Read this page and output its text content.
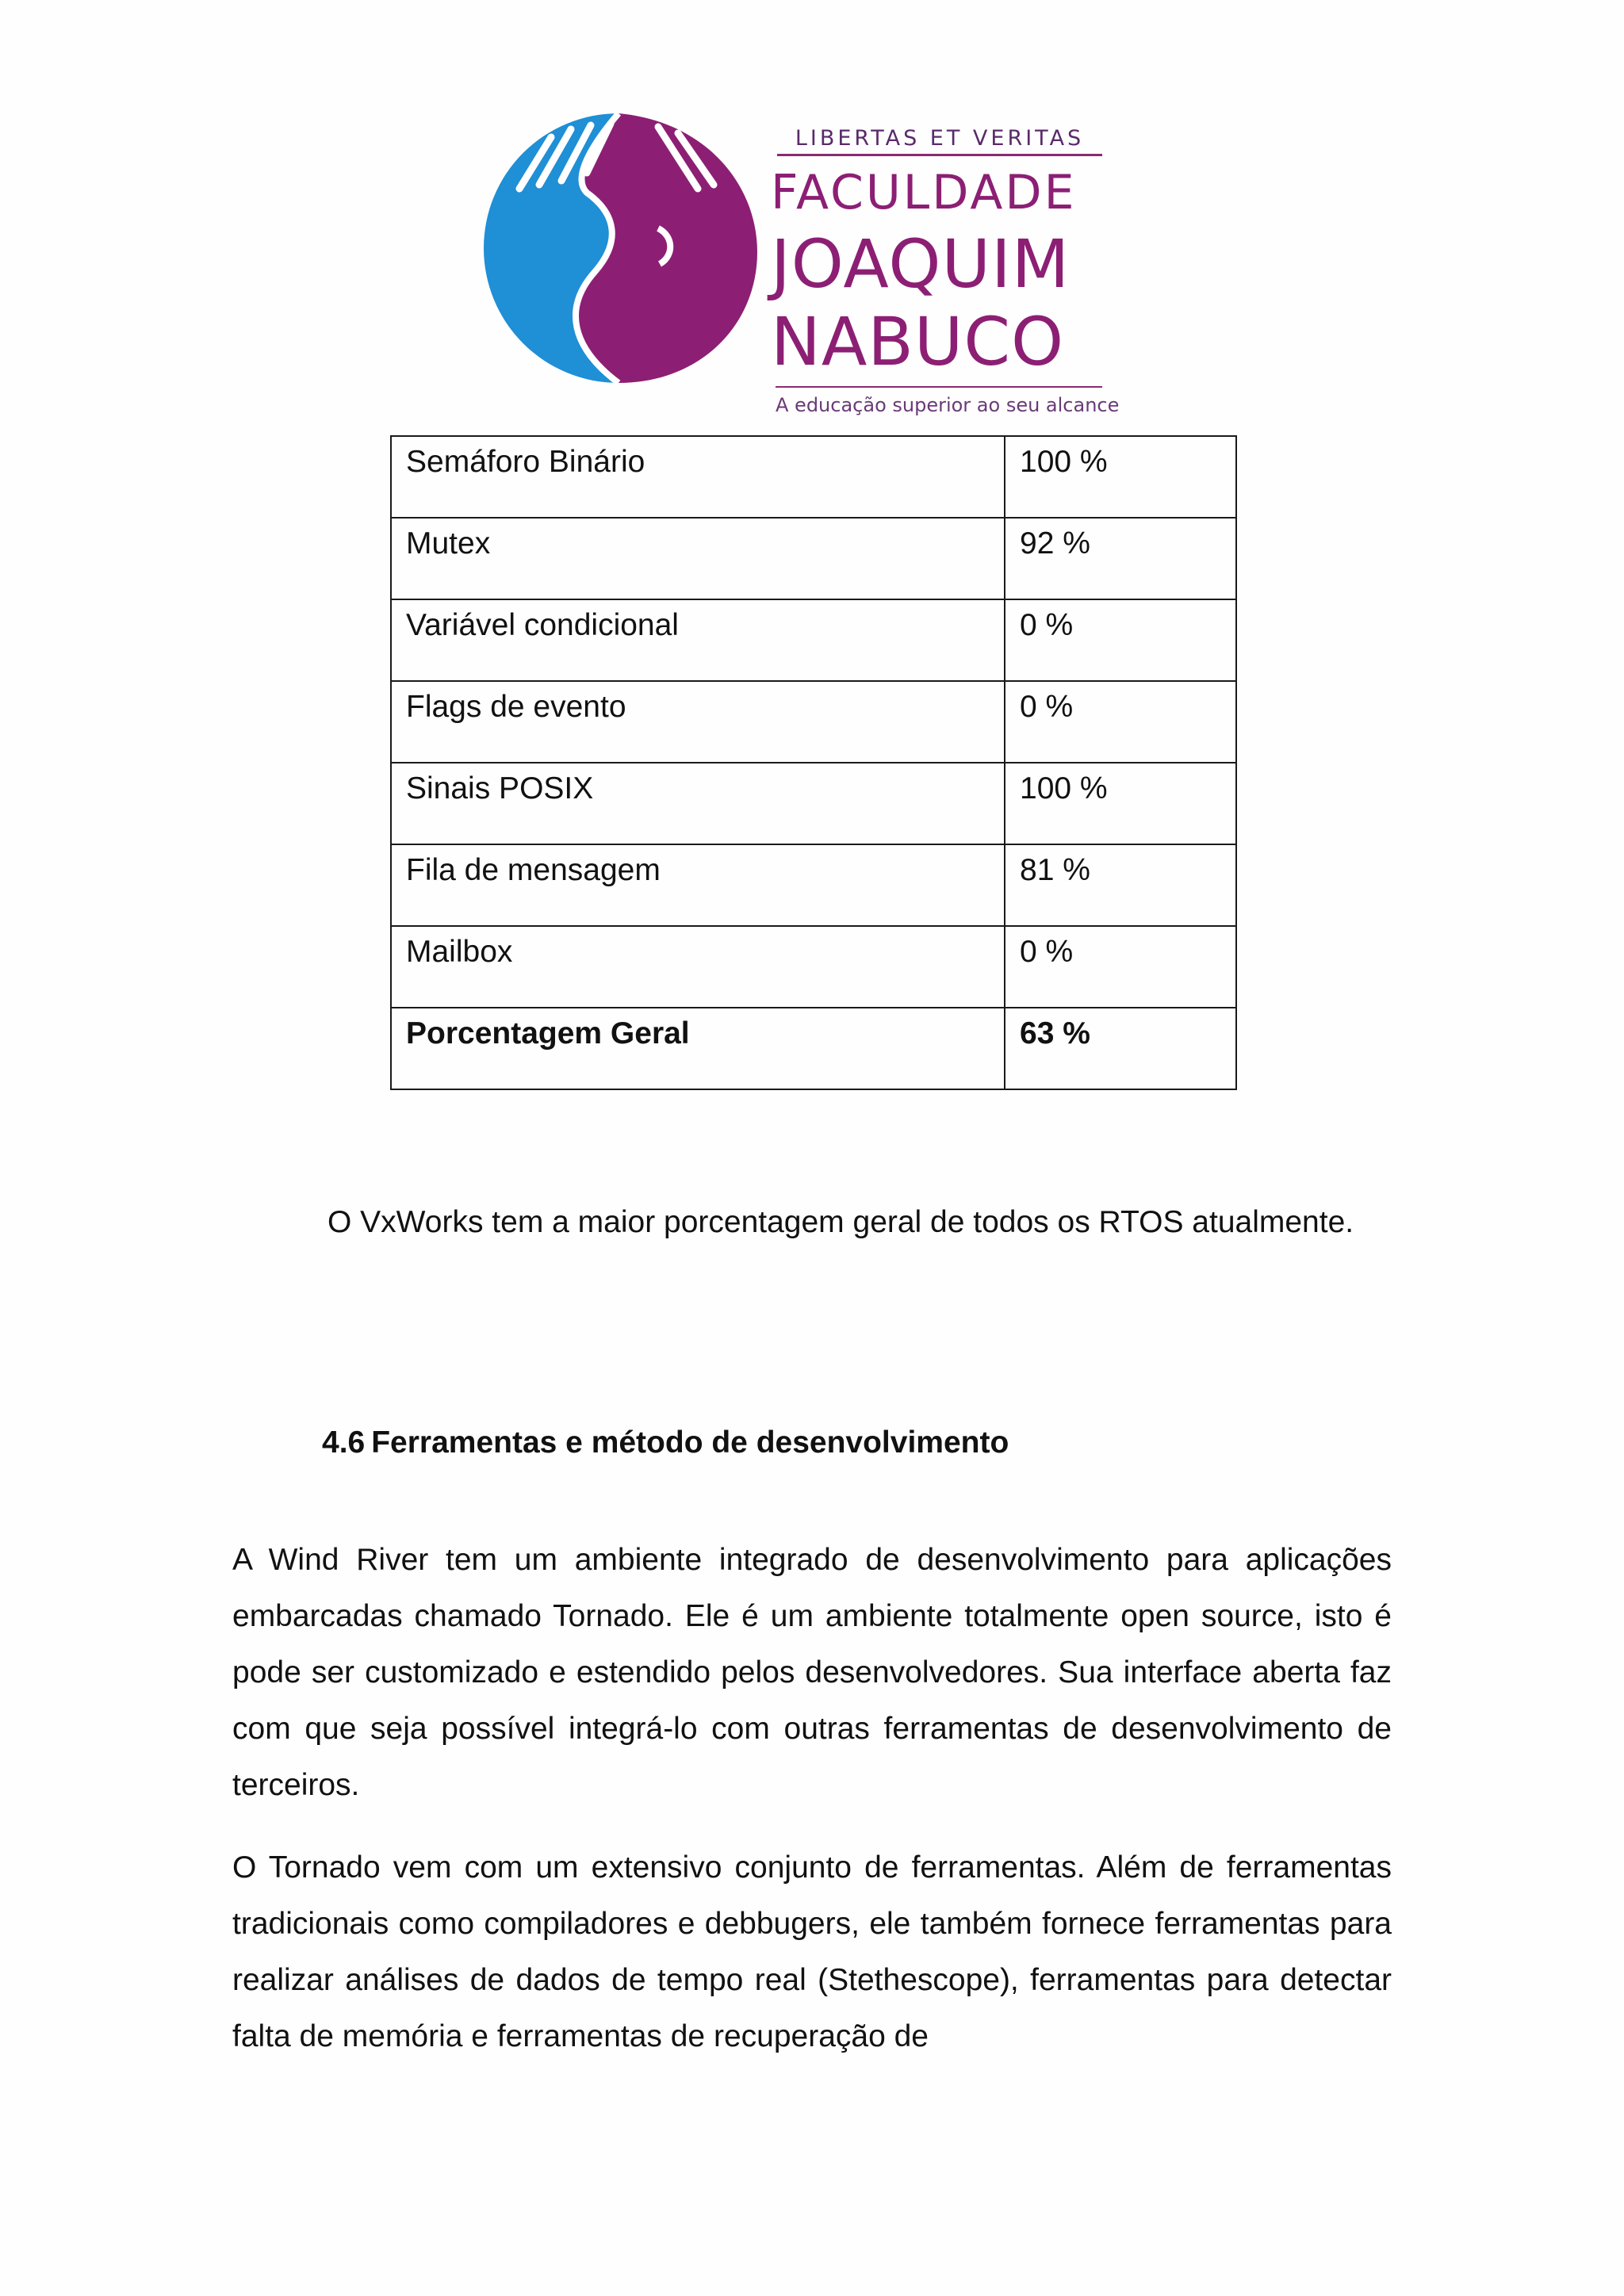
LIBERTAS ET VERITAS
FACULDADE
JOAQUIM
NABUCO
A educação superior ao seu alcance
Semáforo Binário	100 %
Mutex	92 %
Variável condicional	0 %
Flags de evento	0 %
Sinais POSIX	100 %
Fila de mensagem	81 %
Mailbox	0 %
Porcentagem Geral	63 %

O VxWorks tem a maior porcentagem geral de todos os RTOS atualmente.

4.6 Ferramentas e método de desenvolvimento

A Wind River tem um ambiente integrado de desenvolvimento para aplicações embarcadas chamado Tornado. Ele é um ambiente totalmente open source, isto é pode ser customizado e estendido pelos desenvolvedores. Sua interface aberta faz com que seja possível integrá-lo com outras ferramentas de desenvolvimento de terceiros.

O Tornado vem com um extensivo conjunto de ferramentas. Além de ferramentas tradicionais como compiladores e debbugers, ele também fornece ferramentas para realizar análises de dados de tempo real (Stethescope), ferramentas para detectar falta de memória e ferramentas de recuperação de
